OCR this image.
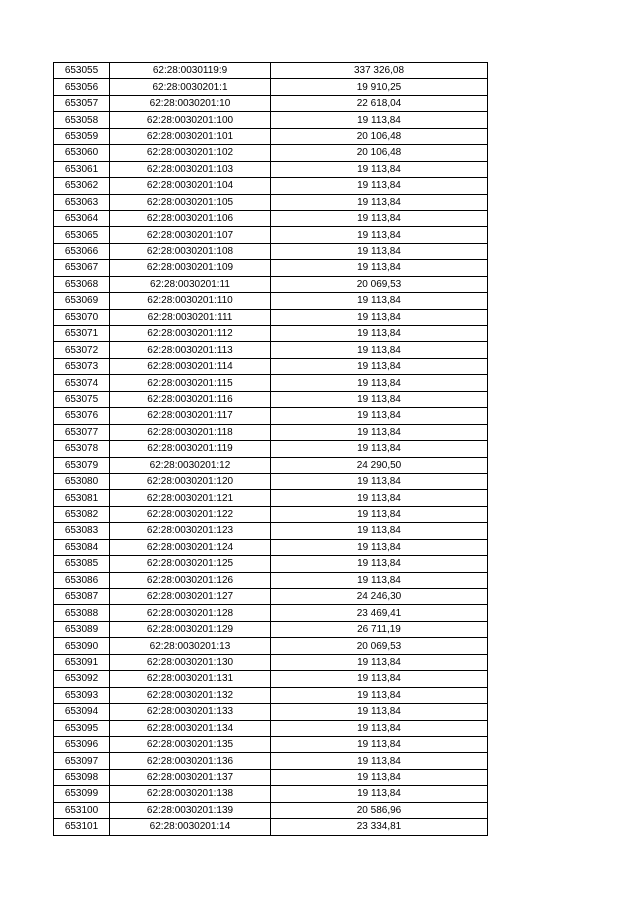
653055	62:28:0030119:9	337 326,08
653056	62:28:0030201:1	19 910,25
653057	62:28:0030201:10	22 618,04
653058	62:28:0030201:100	19 113,84
653059	62:28:0030201:101	20 106,48
653060	62:28:0030201:102	20 106,48
653061	62:28:0030201:103	19 113,84
653062	62:28:0030201:104	19 113,84
653063	62:28:0030201:105	19 113,84
653064	62:28:0030201:106	19 113,84
653065	62:28:0030201:107	19 113,84
653066	62:28:0030201:108	19 113,84
653067	62:28:0030201:109	19 113,84
653068	62:28:0030201:11	20 069,53
653069	62:28:0030201:110	19 113,84
653070	62:28:0030201:111	19 113,84
653071	62:28:0030201:112	19 113,84
653072	62:28:0030201:113	19 113,84
653073	62:28:0030201:114	19 113,84
653074	62:28:0030201:115	19 113,84
653075	62:28:0030201:116	19 113,84
653076	62:28:0030201:117	19 113,84
653077	62:28:0030201:118	19 113,84
653078	62:28:0030201:119	19 113,84
653079	62:28:0030201:12	24 290,50
653080	62:28:0030201:120	19 113,84
653081	62:28:0030201:121	19 113,84
653082	62:28:0030201:122	19 113,84
653083	62:28:0030201:123	19 113,84
653084	62:28:0030201:124	19 113,84
653085	62:28:0030201:125	19 113,84
653086	62:28:0030201:126	19 113,84
653087	62:28:0030201:127	24 246,30
653088	62:28:0030201:128	23 469,41
653089	62:28:0030201:129	26 711,19
653090	62:28:0030201:13	20 069,53
653091	62:28:0030201:130	19 113,84
653092	62:28:0030201:131	19 113,84
653093	62:28:0030201:132	19 113,84
653094	62:28:0030201:133	19 113,84
653095	62:28:0030201:134	19 113,84
653096	62:28:0030201:135	19 113,84
653097	62:28:0030201:136	19 113,84
653098	62:28:0030201:137	19 113,84
653099	62:28:0030201:138	19 113,84
653100	62:28:0030201:139	20 586,96
653101	62:28:0030201:14	23 334,81
